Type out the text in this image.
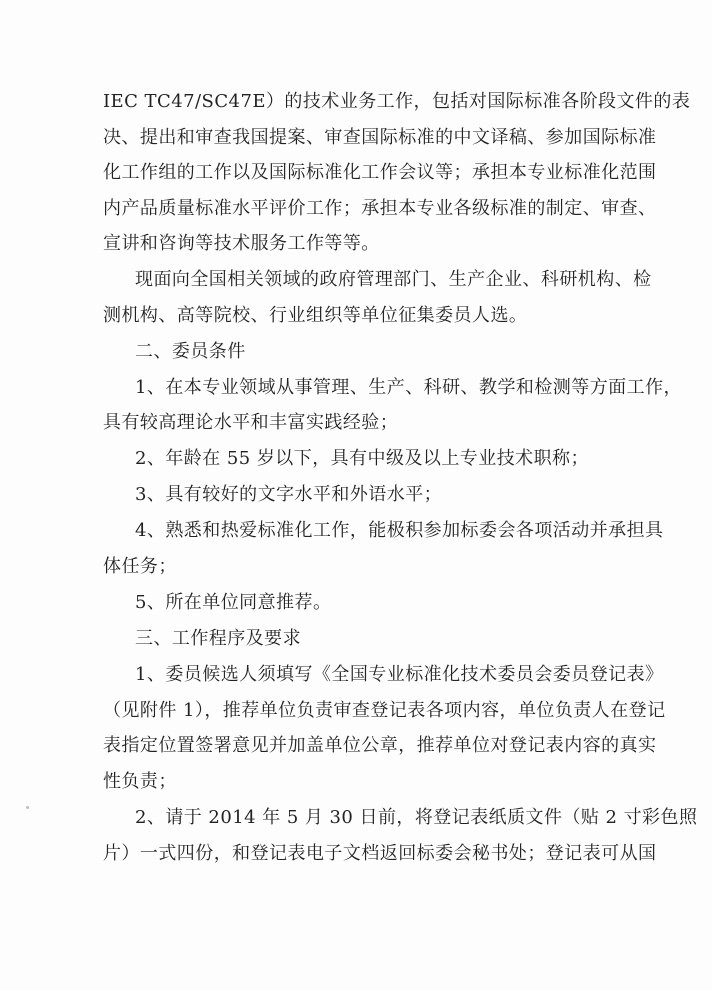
IEC TC47/SC47E）的技术业务工作，包括对国际标准各阶段文件的表
决、提出和审查我国提案、审查国际标准的中文译稿、参加国际标准
化工作组的工作以及国际标准化工作会议等；承担本专业标准化范围
内产品质量标准水平评价工作；承担本专业各级标准的制定、审查、
宣讲和咨询等技术服务工作等等。
现面向全国相关领域的政府管理部门、生产企业、科研机构、检
测机构、高等院校、行业组织等单位征集委员人选。
二、委员条件
1、在本专业领域从事管理、生产、科研、教学和检测等方面工作，
具有较高理论水平和丰富实践经验；
2、年龄在 55 岁以下，具有中级及以上专业技术职称；
3、具有较好的文字水平和外语水平；
4、熟悉和热爱标准化工作，能极积参加标委会各项活动并承担具
体任务；
5、所在单位同意推荐。
三、工作程序及要求
1、委员候选人须填写《全国专业标准化技术委员会委员登记表》
（见附件 1），推荐单位负责审查登记表各项内容，单位负责人在登记
表指定位置签署意见并加盖单位公章，推荐单位对登记表内容的真实
性负责；
2、请于 2014 年 5 月 30 日前，将登记表纸质文件（贴 2 寸彩色照
片）一式四份，和登记表电子文档返回标委会秘书处；登记表可从国
